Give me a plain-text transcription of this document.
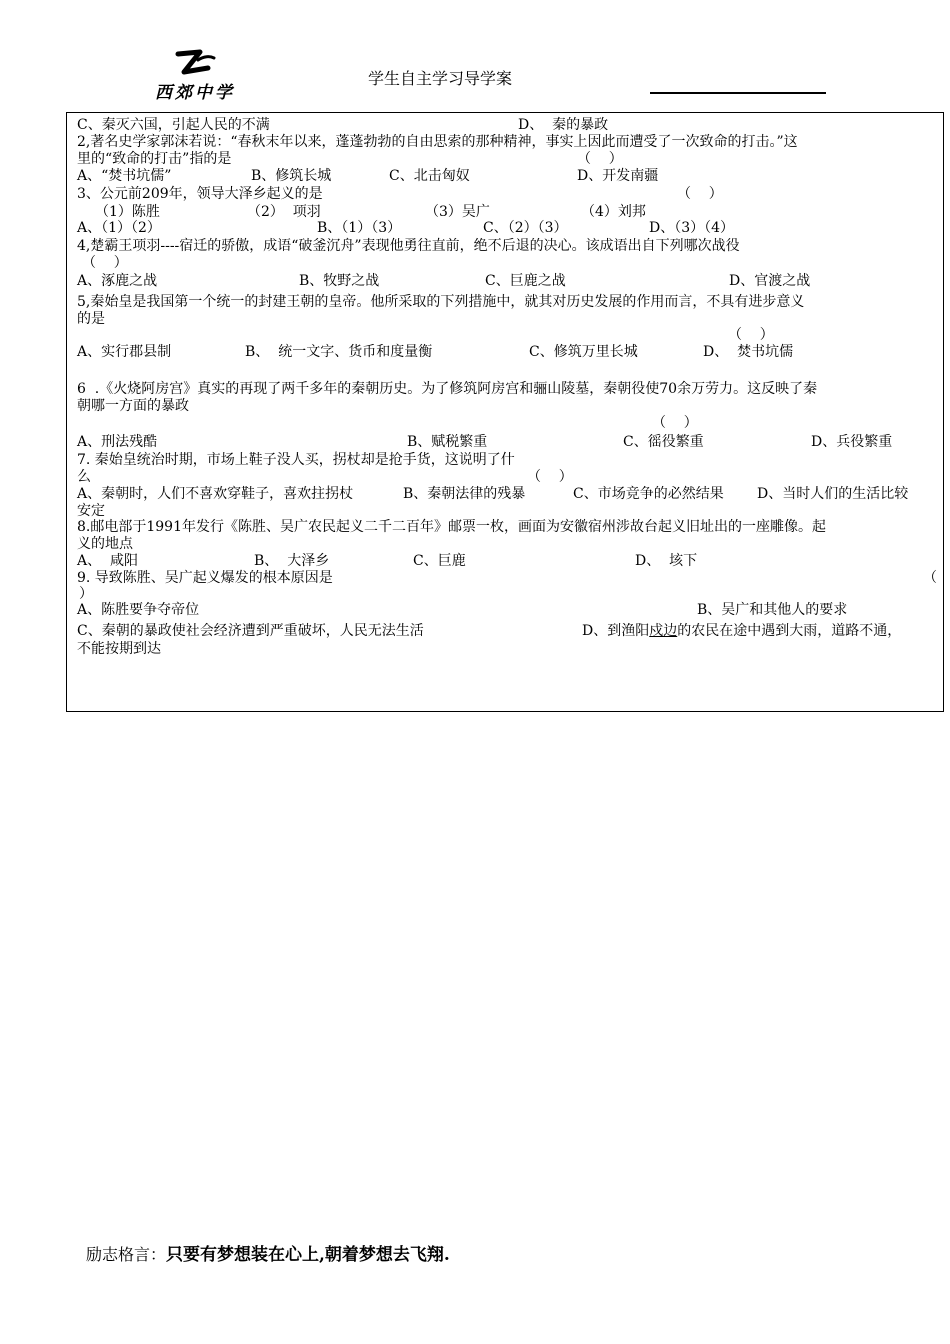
西郊中学
学生自主学习导学案

C、秦灭六国，引起人民的不满

	D、  秦的暴政

2,著名史学家郭沫若说：“春秋末年以来，蓬蓬勃勃的自由思索的那种精神，事实上因此而遭受了一次致命的打击。”这

里的“致命的打击”指的是

	（    ）

A、“焚书坑儒”

	B、修筑长城

	C、北击匈奴

	D、开发南疆

3、公元前209年，领导大泽乡起义的是

	（    ）

（1）陈胜

	（2）  项羽

	（3）吴广

	（4）刘邦

A、（1）（2）

	B、（1）（3）

	C、（2）（3）

	D、（3）（4）

4,楚霸王项羽----宿迁的骄傲，成语“破釜沉舟”表现他勇往直前，绝不后退的决心。该成语出自下列哪次战役
（    ）

A、涿鹿之战

	B、牧野之战

	C、巨鹿之战

	D、官渡之战

5,秦始皇是我国第一个统一的封建王朝的皇帝。他所采取的下列措施中，就其对历史发展的作用而言，不具有进步意义
的是
（    ）

A、实行郡县制

	B、  统一文字、货币和度量衡

	C、修筑万里长城

	D、  焚书坑儒

6  .《火烧阿房宫》真实的再现了两千多年的秦朝历史。为了修筑阿房宫和骊山陵墓，秦朝役使70余万劳力。这反映了秦
朝哪一方面的暴政
（    ）

A、刑法残酷

	B、赋税繁重

	C、徭役繁重

	D、兵役繁重

7. 秦始皇统治时期，市场上鞋子没人买，拐杖却是抢手货，这说明了什

么

	（    ）

A、秦朝时，人们不喜欢穿鞋子，喜欢拄拐杖

	B、秦朝法律的残暴

	C、市场竞争的必然结果

D、当时人们的生活比较

安定
8.邮电部于1991年发行《陈胜、吴广农民起义二千二百年》邮票一枚，画面为安徽宿州涉故台起义旧址出的一座雕像。起
义的地点

A、  咸阳

	B、  大泽乡

	C、巨鹿

	D、  垓下

9. 导致陈胜、吴广起义爆发的根本原因是

	（

）

A、陈胜要争夺帝位

	B、吴广和其他人的要求

C、秦朝的暴政使社会经济遭到严重破坏，人民无法生活

	D、到渔阳戍边的农民在途中遇到大雨，道路不通，

不能按期到达
励志格言：只要有梦想装在心上,朝着梦想去飞翔.
